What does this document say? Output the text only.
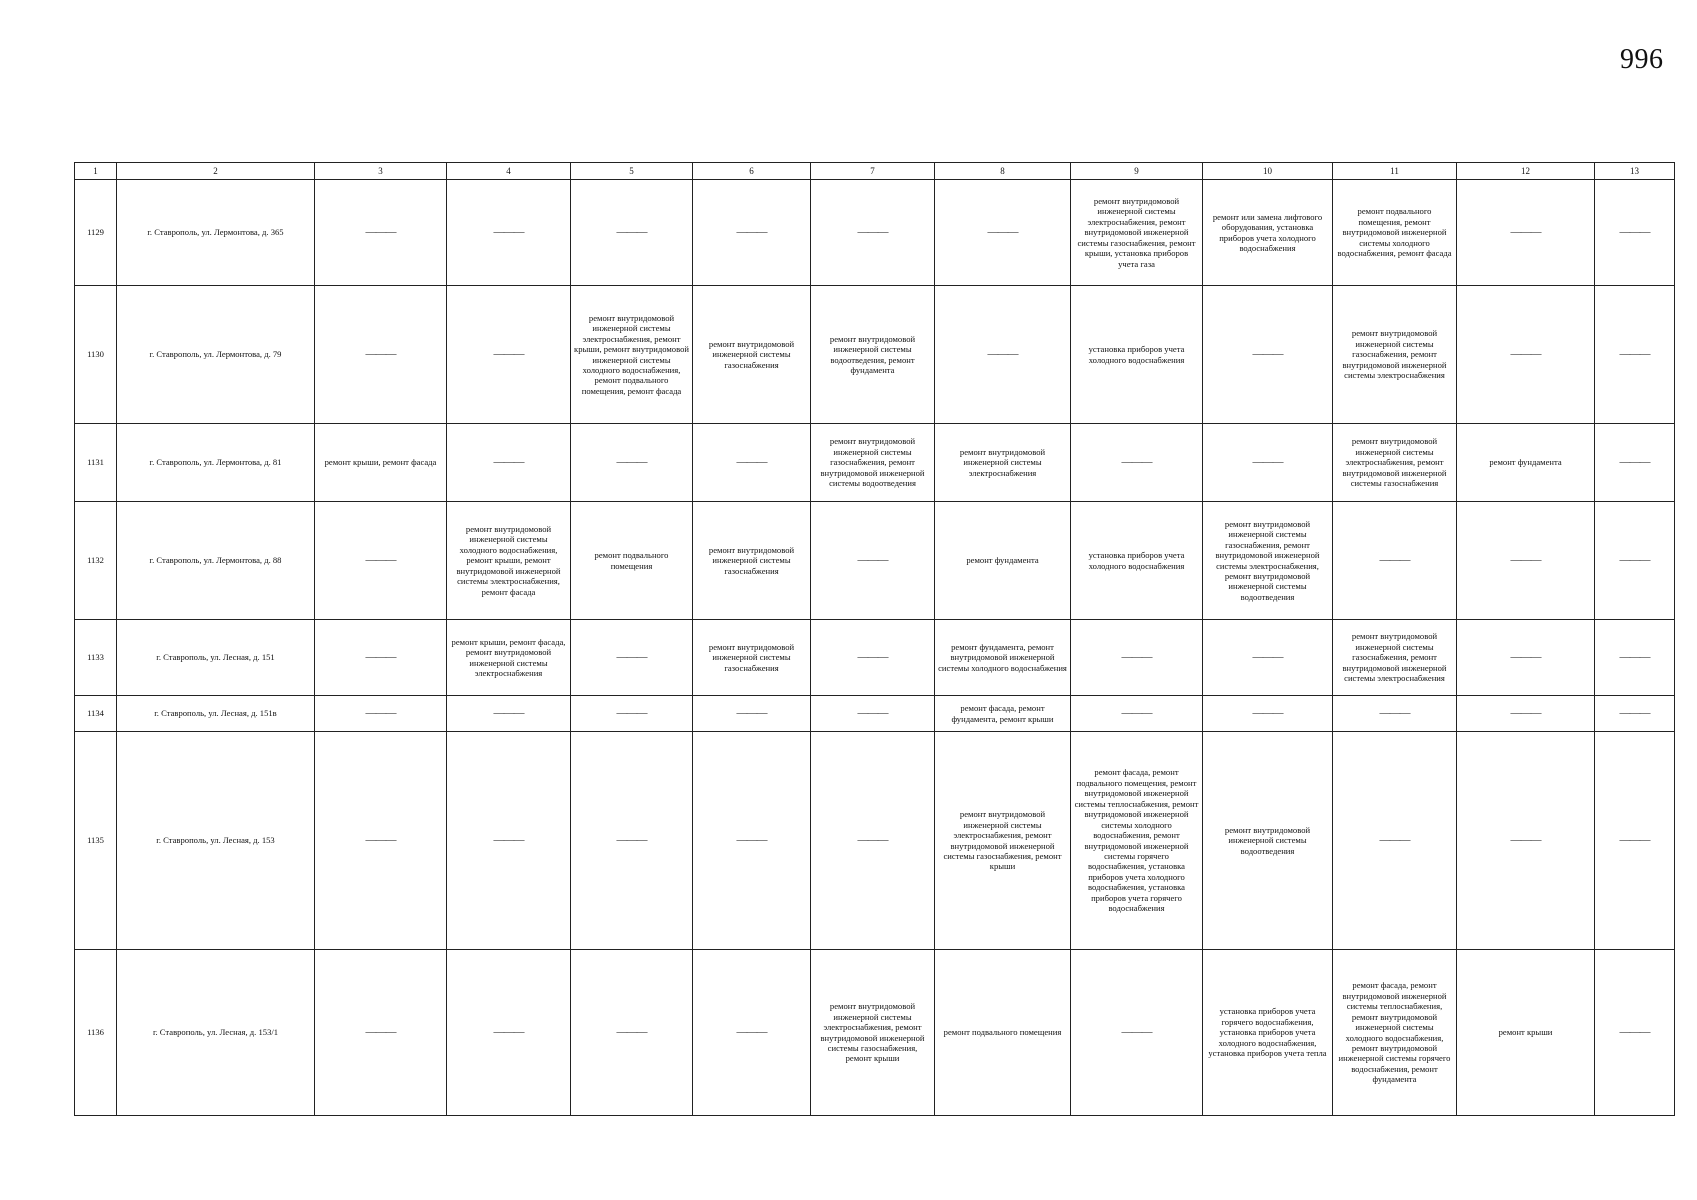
996
1	2	3	4	5	6	7	8	9	10	11	12	13
1129	г. Ставрополь, ул. Лермонтова, д. 365	———	———	———	———	———	———	ремонт внутридомовой инженерной системы электроснабжения, ремонт внутридомовой инженерной системы газоснабжения, ремонт крыши, установка приборов учета газа	ремонт или замена лифтового оборудования, установка приборов учета холодного водоснабжения	ремонт подвального помещения, ремонт внутридомовой инженерной системы холодного водоснабжения, ремонт фасада	———	———
1130	г. Ставрополь, ул. Лермонтова, д. 79	———	———	ремонт внутридомовой инженерной системы электроснабжения, ремонт крыши, ремонт внутридомовой инженерной системы холодного водоснабжения, ремонт подвального помещения, ремонт фасада	ремонт внутридомовой инженерной системы газоснабжения	ремонт внутридомовой инженерной системы водоотведения, ремонт фундамента	———	установка приборов учета холодного водоснабжения	———	ремонт внутридомовой инженерной системы газоснабжения, ремонт внутридомовой инженерной системы электроснабжения	———	———
1131	г. Ставрополь, ул. Лермонтова, д. 81	ремонт крыши, ремонт фасада	———	———	———	ремонт внутридомовой инженерной системы газоснабжения, ремонт внутридомовой инженерной системы водоотведения	ремонт внутридомовой инженерной системы электроснабжения	———	———	ремонт внутридомовой инженерной системы электроснабжения, ремонт внутридомовой инженерной системы газоснабжения	ремонт фундамента	———
1132	г. Ставрополь, ул. Лермонтова, д. 88	———	ремонт внутридомовой инженерной системы холодного водоснабжения, ремонт крыши, ремонт внутридомовой инженерной системы электроснабжения, ремонт фасада	ремонт подвального помещения	ремонт внутридомовой инженерной системы газоснабжения	———	ремонт фундамента	установка приборов учета холодного водоснабжения	ремонт внутридомовой инженерной системы газоснабжения, ремонт внутридомовой инженерной системы электроснабжения, ремонт внутридомовой инженерной системы водоотведения	———	———	———
1133	г. Ставрополь, ул. Лесная, д. 151	———	ремонт крыши, ремонт фасада, ремонт внутридомовой инженерной системы электроснабжения	———	ремонт внутридомовой инженерной системы газоснабжения	———	ремонт фундамента, ремонт внутридомовой инженерной системы холодного водоснабжения	———	———	ремонт внутридомовой инженерной системы газоснабжения, ремонт внутридомовой инженерной системы электроснабжения	———	———
1134	г. Ставрополь, ул. Лесная, д. 151в	———	———	———	———	———	ремонт фасада, ремонт фундамента, ремонт крыши	———	———	———	———	———
1135	г. Ставрополь, ул. Лесная, д. 153	———	———	———	———	———	ремонт внутридомовой инженерной системы электроснабжения, ремонт внутридомовой инженерной системы газоснабжения, ремонт крыши	ремонт фасада, ремонт подвального помещения, ремонт внутридомовой инженерной системы теплоснабжения, ремонт внутридомовой инженерной системы холодного водоснабжения, ремонт внутридомовой инженерной системы горячего водоснабжения, установка приборов учета холодного водоснабжения, установка приборов учета горячего водоснабжения	ремонт внутридомовой инженерной системы водоотведения	———	———	———
1136	г. Ставрополь, ул. Лесная, д. 153/1	———	———	———	———	ремонт внутридомовой инженерной системы электроснабжения, ремонт внутридомовой инженерной системы газоснабжения, ремонт крыши	ремонт подвального помещения	———	установка приборов учета горячего водоснабжения, установка приборов учета холодного водоснабжения, установка приборов учета тепла	ремонт фасада, ремонт внутридомовой инженерной системы теплоснабжения, ремонт внутридомовой инженерной системы холодного водоснабжения, ремонт внутридомовой инженерной системы горячего водоснабжения, ремонт фундамента	ремонт крыши	———
